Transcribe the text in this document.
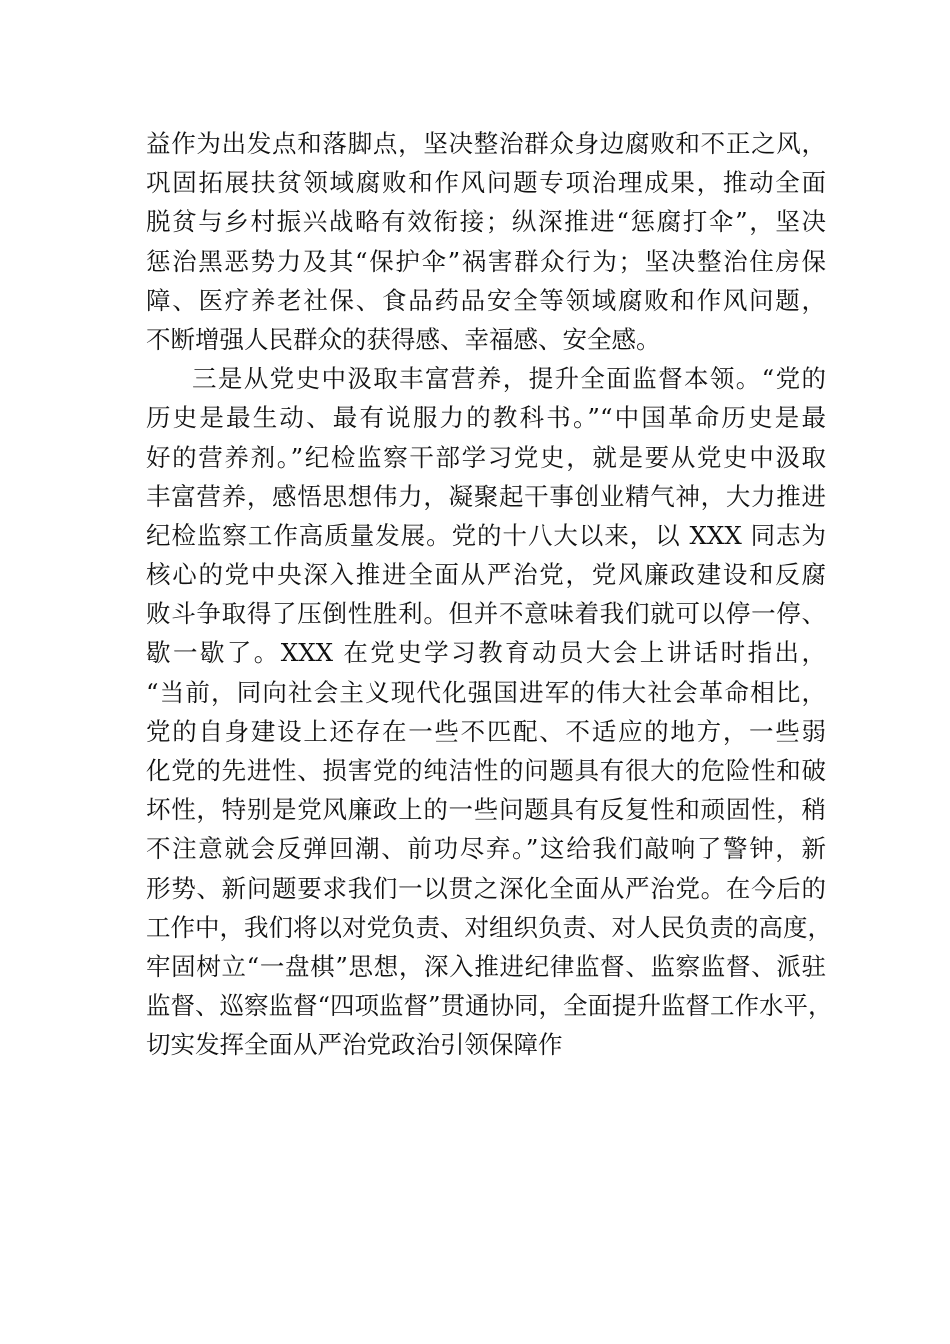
益作为出发点和落脚点，坚决整治群众身边腐败和不正之风，
巩固拓展扶贫领域腐败和作风问题专项治理成果，推动全面
脱贫与乡村振兴战略有效衔接；纵深推进“惩腐打伞”，坚决
惩治黑恶势力及其“保护伞”祸害群众行为；坚决整治住房保
障、医疗养老社保、食品药品安全等领域腐败和作风问题，
不断增强人民群众的获得感、幸福感、安全感。
三是从党史中汲取丰富营养，提升全面监督本领。“党的
历史是最生动、最有说服力的教科书。”“中国革命历史是最
好的营养剂。”纪检监察干部学习党史，就是要从党史中汲取
丰富营养，感悟思想伟力，凝聚起干事创业精气神，大力推进
纪检监察工作高质量发展。党的十八大以来，以 XXX 同志为
核心的党中央深入推进全面从严治党，党风廉政建设和反腐
败斗争取得了压倒性胜利。但并不意味着我们就可以停一停、
歇一歇了。XXX 在党史学习教育动员大会上讲话时指出，
“当前，同向社会主义现代化强国进军的伟大社会革命相比，
党的自身建设上还存在一些不匹配、不适应的地方，一些弱
化党的先进性、损害党的纯洁性的问题具有很大的危险性和破
坏性，特别是党风廉政上的一些问题具有反复性和顽固性，稍
不注意就会反弹回潮、前功尽弃。”这给我们敲响了警钟，新
形势、新问题要求我们一以贯之深化全面从严治党。在今后的
工作中，我们将以对党负责、对组织负责、对人民负责的高度，
牢固树立“一盘棋”思想，深入推进纪律监督、监察监督、派驻
监督、巡察监督“四项监督”贯通协同，全面提升监督工作水平，
切实发挥全面从严治党政治引领保障作
